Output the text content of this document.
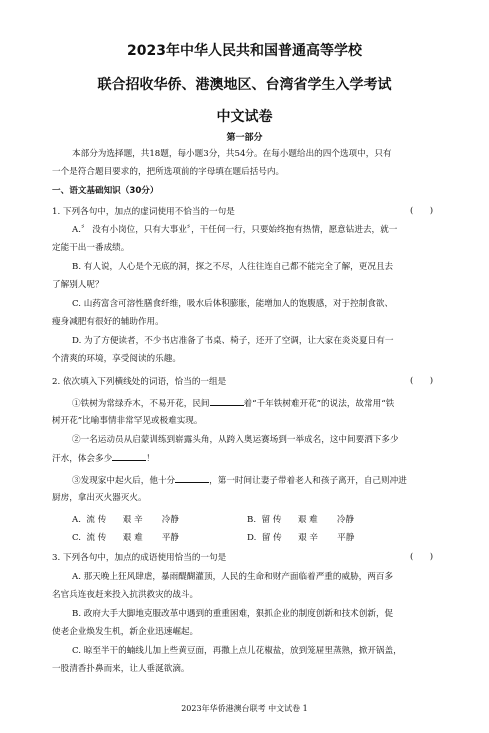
2023年中华人民共和国普通高等学校
联合招收华侨、港澳地区、台湾省学生入学考试
中文试卷
第一部分
本部分为选择题，共18题，每小题3分，共54分。在每小题给出的四个选项中，只有
一个是符合题目要求的，把所选项前的字母填在题后括号内。
一、语文基础知识（30分）
1. 下列各句中，加点的虚词使用不恰当的一句是	(      )
A.〞 没有小岗位，只有大事业〞，干任何一行，只要始终抱有热情，愿意钻进去，就一
定能干出一番成绩。
B. 有人说，人心是个无底的洞，探之不尽，人往往连自己都不能完全了解，更况且去
了解别人呢？
C. 山药富含可溶性膳食纤维，吸水后体积膨胀，能增加人的饱腹感，对于控制食欲、
瘦身减肥有很好的辅助作用。
D. 为了方便读者，不少书店准备了书桌、椅子，还开了空调，让大家在炎炎夏日有一
个清爽的环境，享受阅读的乐趣。
2. 依次填入下列横线处的词语，恰当的一组是	(      )
①铁树为常绿乔木，不易开花，民间	着“千年铁树难开花”的说法，故常用“铁
树开花”比喻事情非常罕见或极难实现。
②一名运动员从启蒙训练到崭露头角，从跨入奥运赛场到一举成名，这中间要洒下多少
汗水，体会多少	！
③发现家中起火后，他十分	，第一时间让妻子带着老人和孩子离开，自己则冲进
厨房，拿出灭火器灭火。
A.  流 传      艰 辛       冷静	B.  留 传      艰 难       冷静
C.  流 传      艰 难       平静	D.  留 传      艰 辛       平静
3. 下列各句中，加点的成语使用恰当的一句是	(      )
A. 那天晚上狂风肆虐，暴雨醍醐灌顶，人民的生命和财产面临着严重的威胁，两百多
名官兵连夜赶来投入抗洪救灾的战斗。
B. 政府大手大脚地克服改革中遇到的重重困难，狠抓企业的制度创新和技术创新，促
使老企业焕发生机，新企业迅速崛起。
C. 晾至半干的蝻线儿加上些黄豆面，再撒上点儿花椒盐，放到笼屉里蒸熟，掀开锅盖，
一股清香扑鼻而来，让人垂涎欲滴。
2023年华侨港澳台联考 中文试卷 1
